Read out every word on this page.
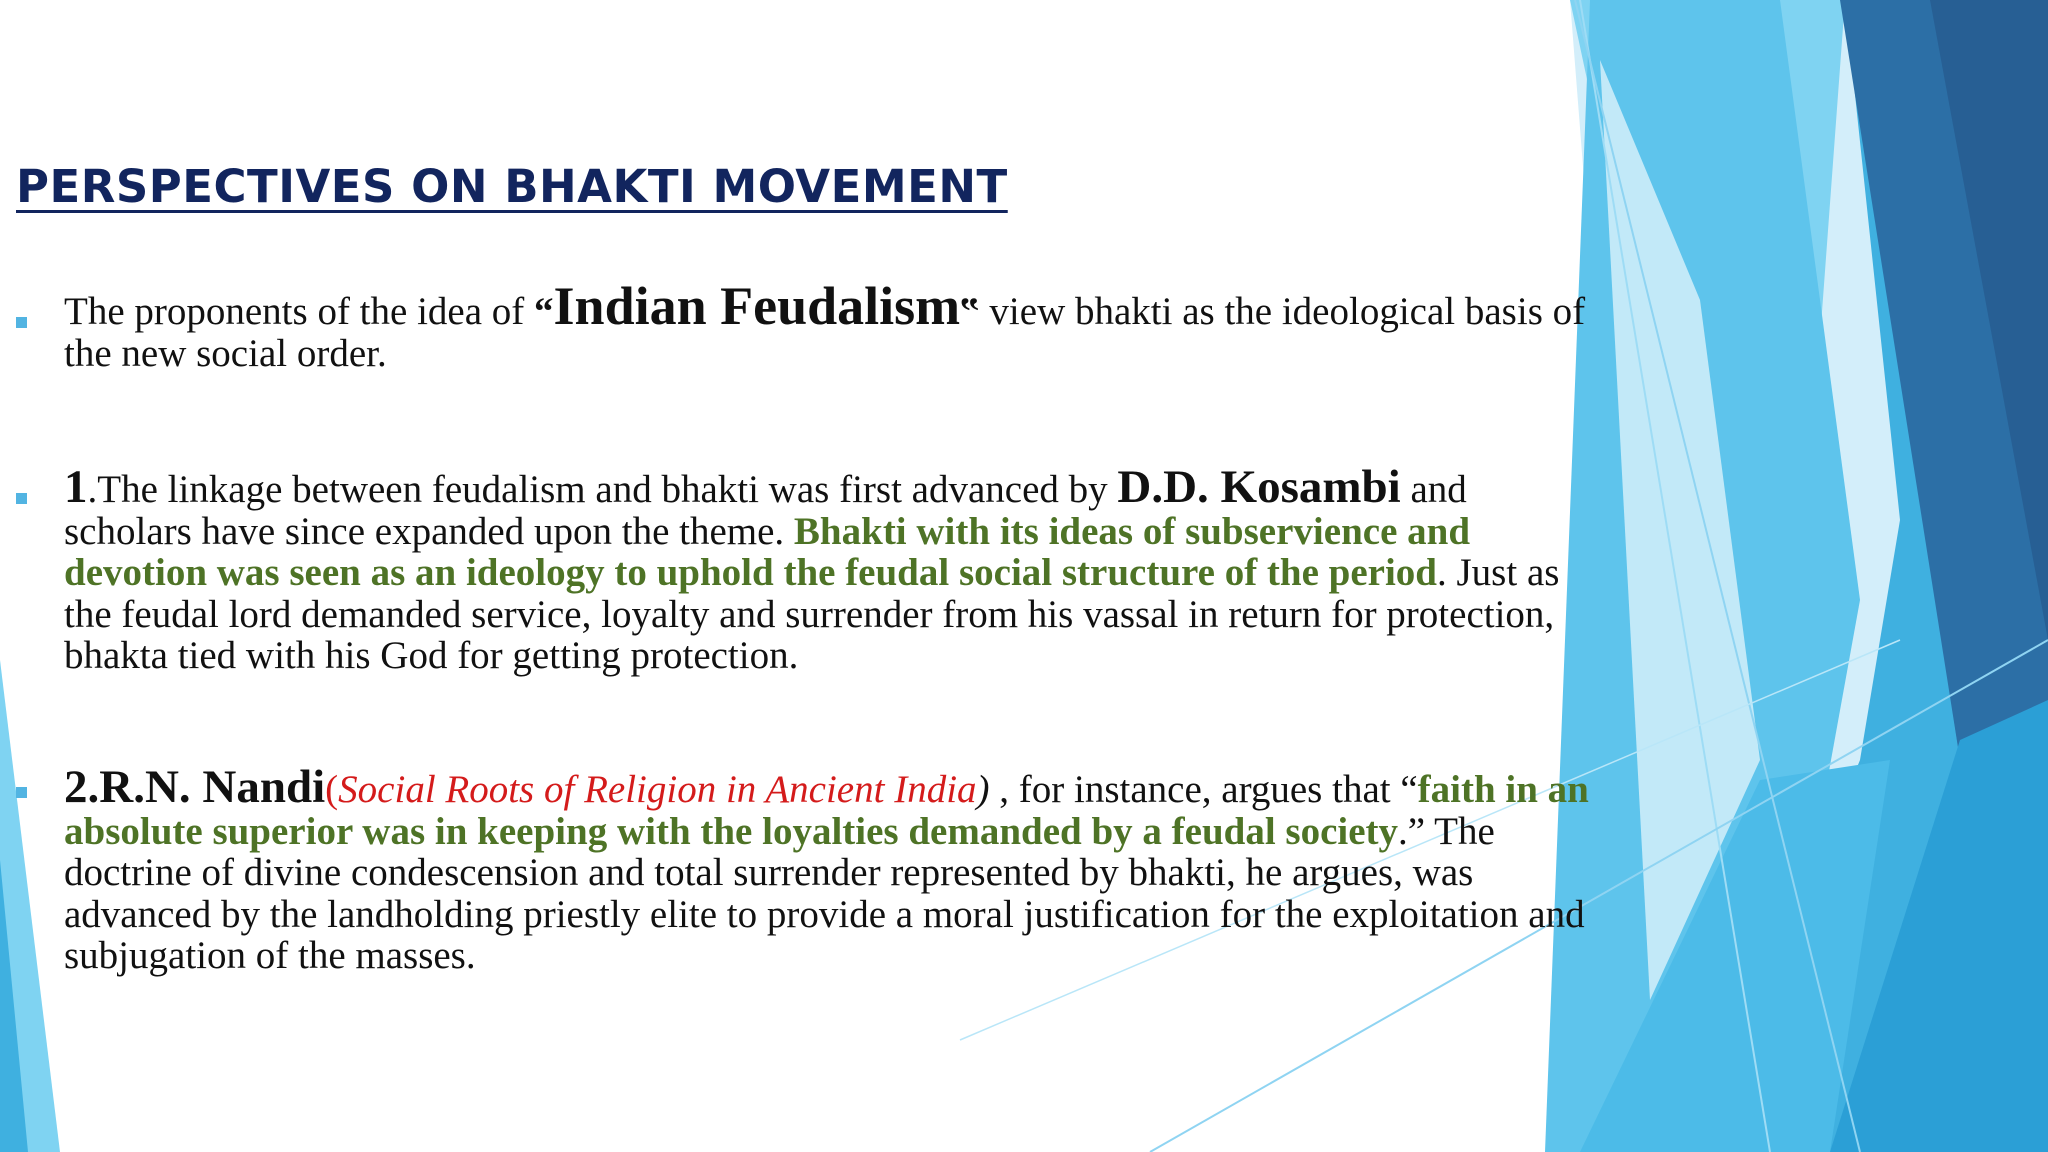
PERSPECTIVES ON BHAKTI MOVEMENT
The proponents of the idea of “Indian Feudalism‟ view bhakti as the ideological basis of the new social order.
1.The linkage between feudalism and bhakti was first advanced by D.D. Kosambi and scholars have since expanded upon the theme. Bhakti with its ideas of subservience and devotion was seen as an ideology to uphold the feudal social structure of the period. Just as the feudal lord demanded service, loyalty and surrender from his vassal in return for protection, bhakta tied with his God for getting protection.
2.R.N. Nandi(Social Roots of Religion in Ancient India) , for instance, argues that “faith in an absolute superior was in keeping with the loyalties demanded by a feudal society.” The doctrine of divine condescension and total surrender represented by bhakti, he argues, was advanced by the landholding priestly elite to provide a moral justification for the exploitation and subjugation of the masses.
